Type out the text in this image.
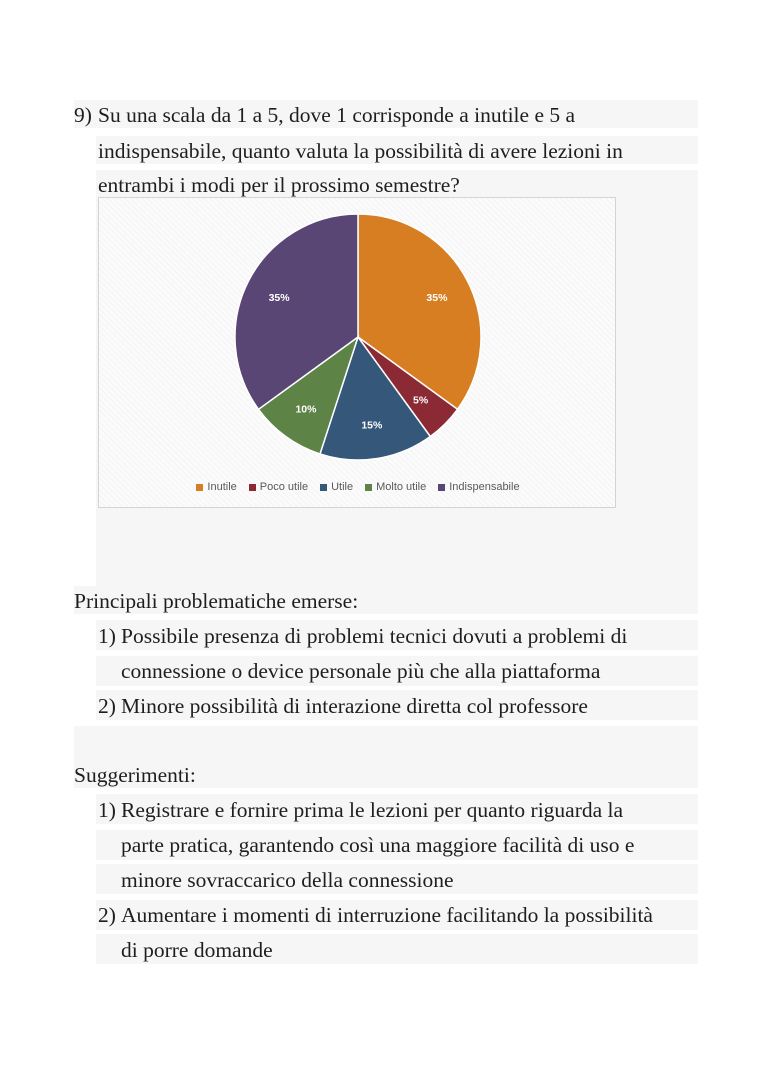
9) Su una scala da 1 a 5, dove 1 corrisponde a inutile e 5 a
indispensabile, quanto valuta la possibilità di avere lezioni in
entrambi i modi per il prossimo semestre?
35%
5%
15%
10%
35%
Inutile Poco utile Utile Molto utile Indispensabile
Principali problematiche emerse:
1) Possibile presenza di problemi tecnici dovuti a problemi di
connessione o device personale più che alla piattaforma
2) Minore possibilità di interazione diretta col professore
Suggerimenti:
1) Registrare e fornire prima le lezioni per quanto riguarda la
parte pratica, garantendo così una maggiore facilità di uso e
minore sovraccarico della connessione
2) Aumentare i momenti di interruzione facilitando la possibilità
di porre domande
